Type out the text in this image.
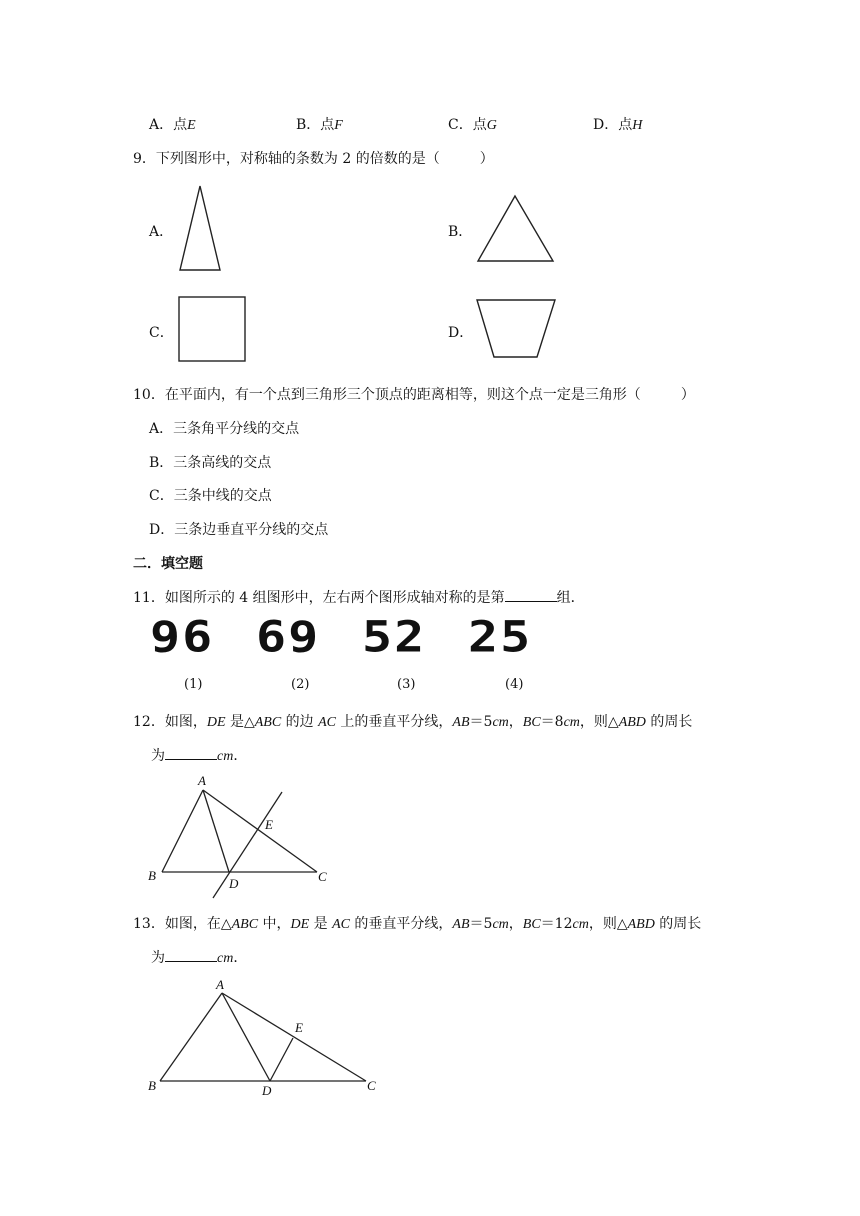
A．点E	B．点F	C．点G	D．点H
9．下列图形中，对称轴的条数为 2 的倍数的是（	）
A．	B．
C．	D．
10．在平面内，有一个点到三角形三个顶点的距离相等，则这个点一定是三角形（	）
A．三条角平分线的交点
B．三条高线的交点
C．三条中线的交点
D．三条边垂直平分线的交点
二．填空题
11．如图所示的 4 组图形中，左右两个图形成轴对称的是第	组．
96 69 52 25
(1)	(2)	(3)	(4)
12．如图，DE 是△ABC 的边 AC 上的垂直平分线，AB＝5cm，BC＝8cm，则△ABD 的周长
为	cm．
A
B	C
D
E
13．如图，在△ABC 中，DE 是 AC 的垂直平分线，AB＝5cm，BC＝12cm，则△ABD 的周长
为	cm．
A
B	C
D
E
